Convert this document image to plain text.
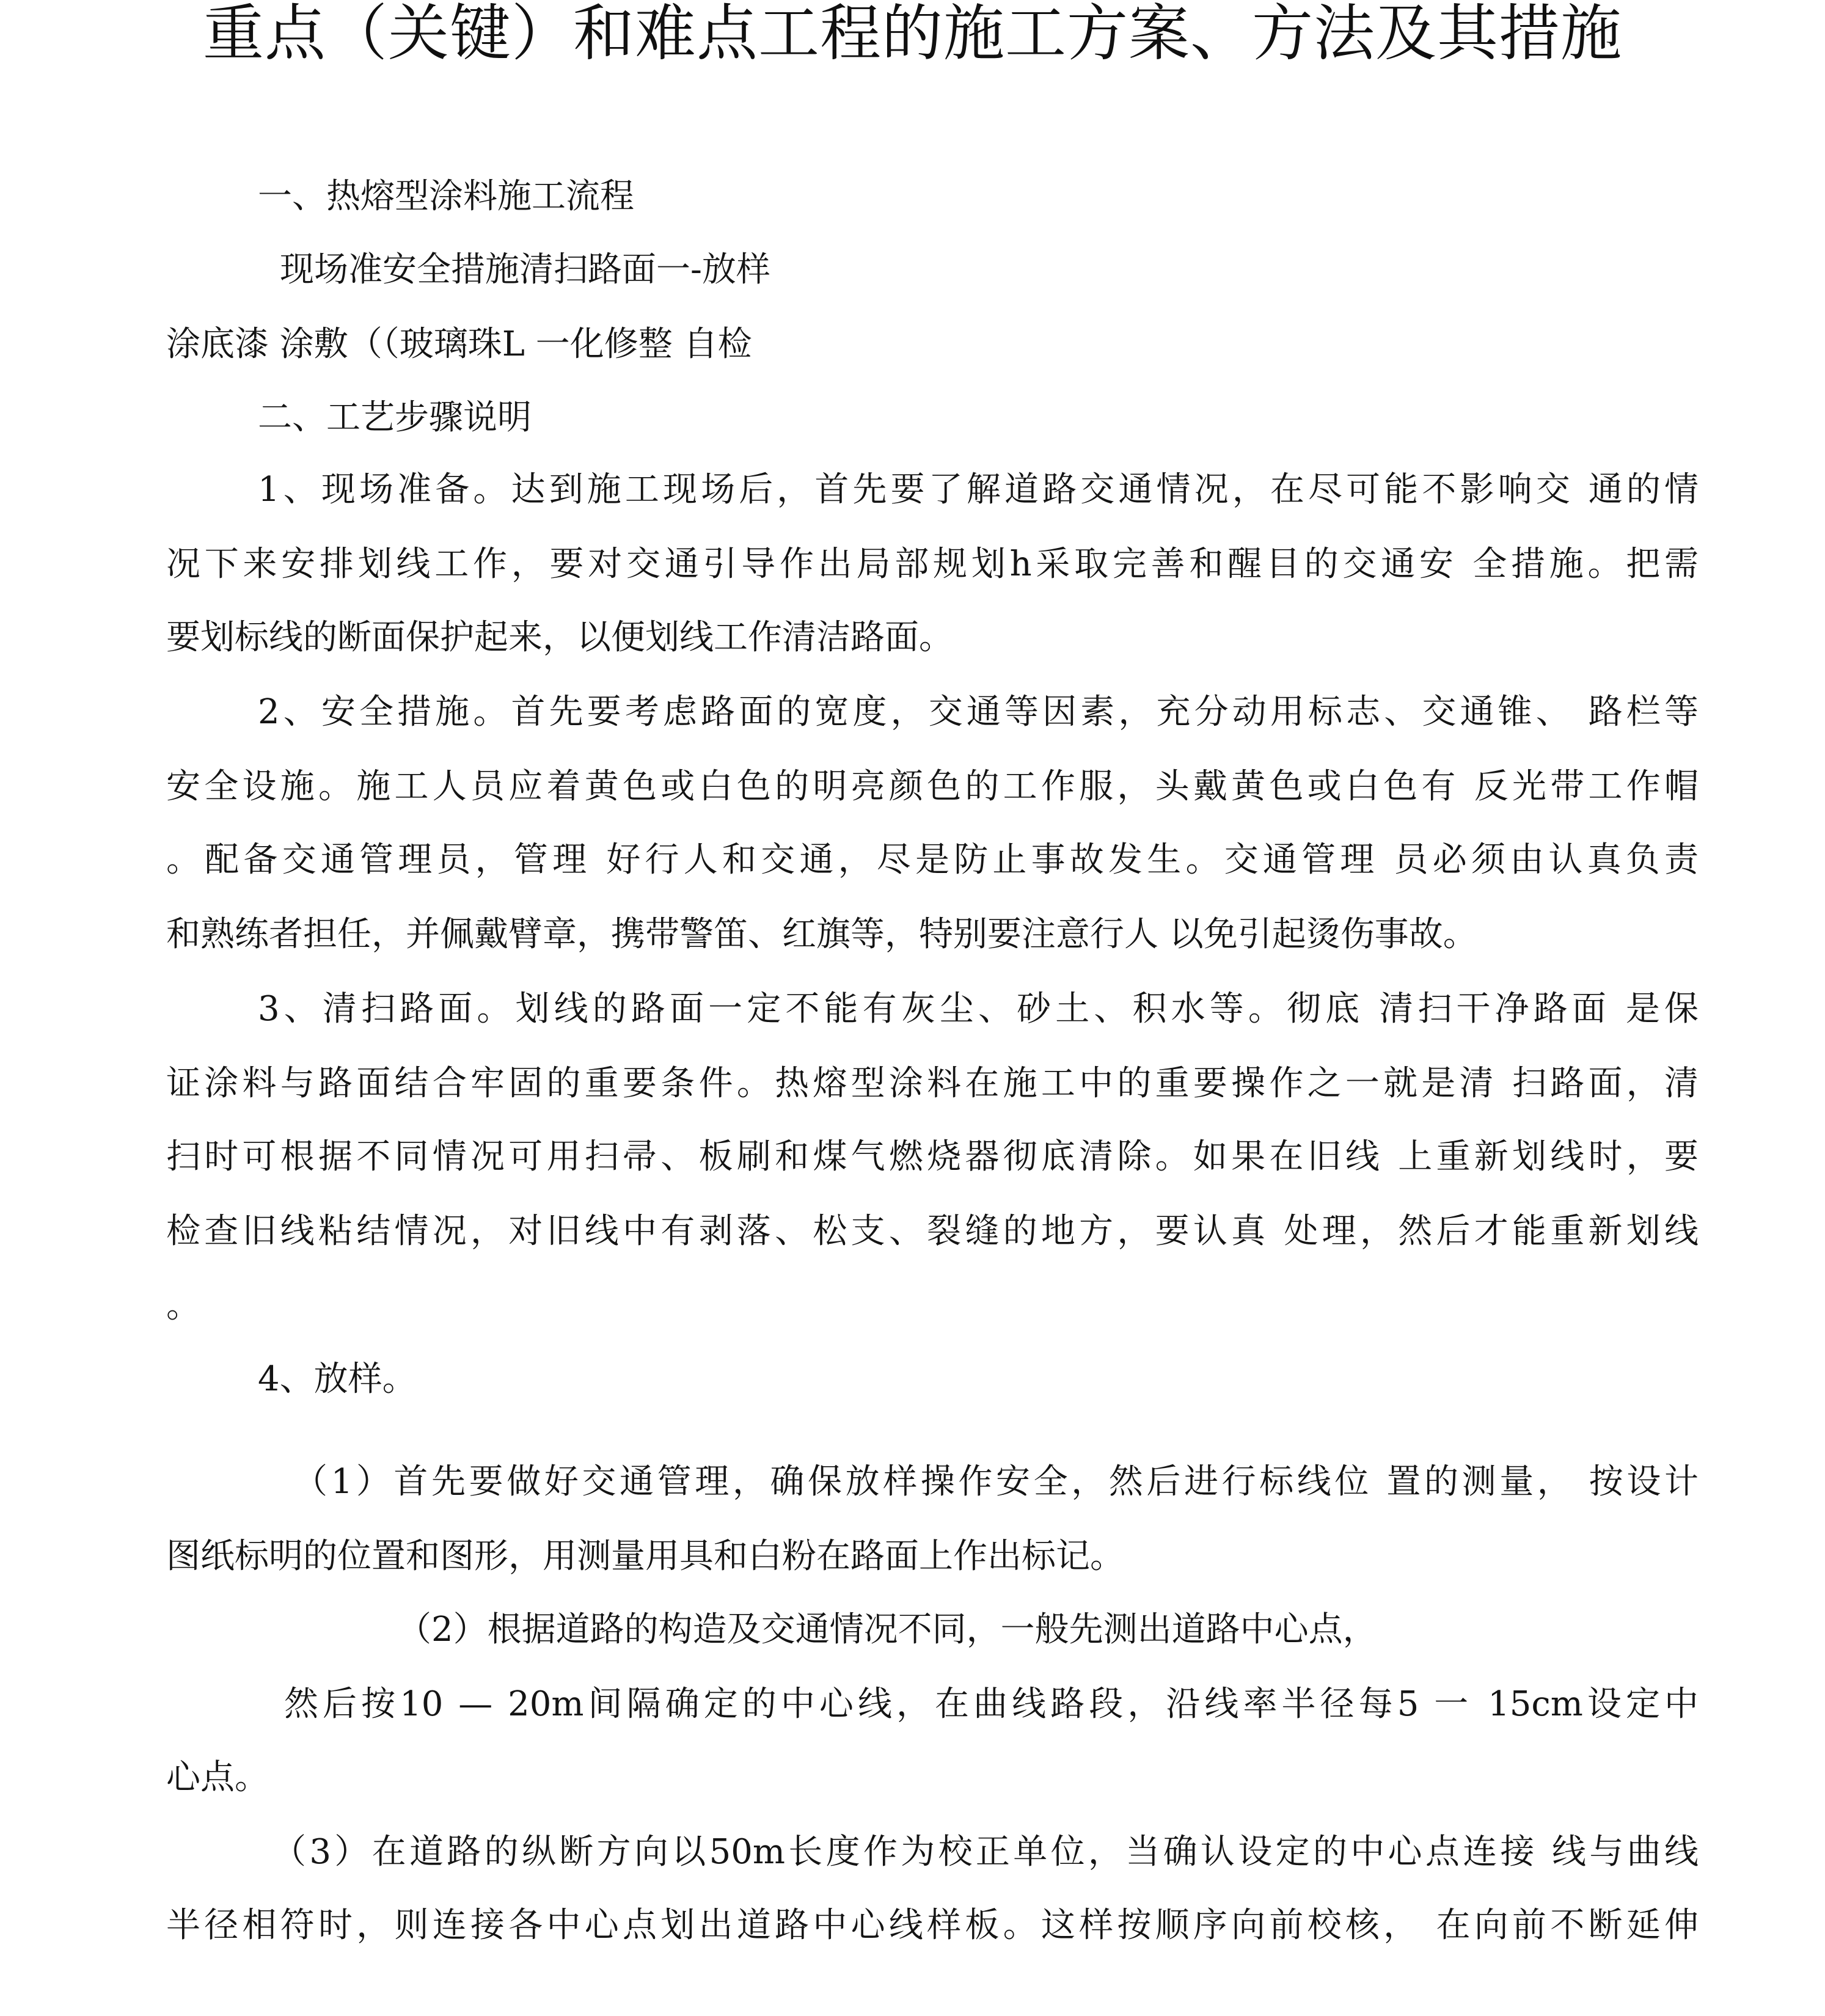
重点（关键）和难点工程的施工方案、方法及其措施
一、热熔型涂料施工流程
现场准安全措施清扫路面一-放样
涂底漆 涂敷（（玻璃珠L 一化修整 自检
二、工艺步骤说明
1、现场准备。达到施工现场后，首先要了解道路交通情况，在尽可能不影响交 通的情
况下来安排划线工作，要对交通引导作出局部规划h采取完善和醒目的交通安 全措施。把需
要划标线的断面保护起来，以便划线工作清洁路面。
2、安全措施。首先要考虑路面的宽度，交通等因素，充分动用标志、交通锥、 路栏等
安全设施。施工人员应着黄色或白色的明亮颜色的工作服，头戴黄色或白色有 反光带工作帽
。配备交通管理员，管理 好行人和交通，尽是防止事故发生。交通管理 员必须由认真负责
和熟练者担任，并佩戴臂章，携带警笛、红旗等，特别要注意行人 以免引起烫伤事故。
3、清扫路面。划线的路面一定不能有灰尘、砂土、积水等。彻底 清扫干净路面 是保
证涂料与路面结合牢固的重要条件。热熔型涂料在施工中的重要操作之一就是清 扫路面，清
扫时可根据不同情况可用扫帚、板刷和煤气燃烧器彻底清除。如果在旧线 上重新划线时，要
检查旧线粘结情况，对旧线中有剥落、松支、裂缝的地方，要认真 处理，然后才能重新划线
。
4、放样。
（1）首先要做好交通管理，确保放样操作安全，然后进行标线位 置的测量， 按设计
图纸标明的位置和图形，用测量用具和白粉在路面上作出标记。
（2）根据道路的构造及交通情况不同，一般先测出道路中心点，
然后按10 — 20m间隔确定的中心线，在曲线路段，沿线率半径每5 一 15cm设定中
心点。
（3）在道路的纵断方向以50m长度作为校正单位，当确认设定的中心点连接 线与曲线
半径相符时，则连接各中心点划出道路中心线样板。这样按顺序向前校核， 在向前不断延伸
